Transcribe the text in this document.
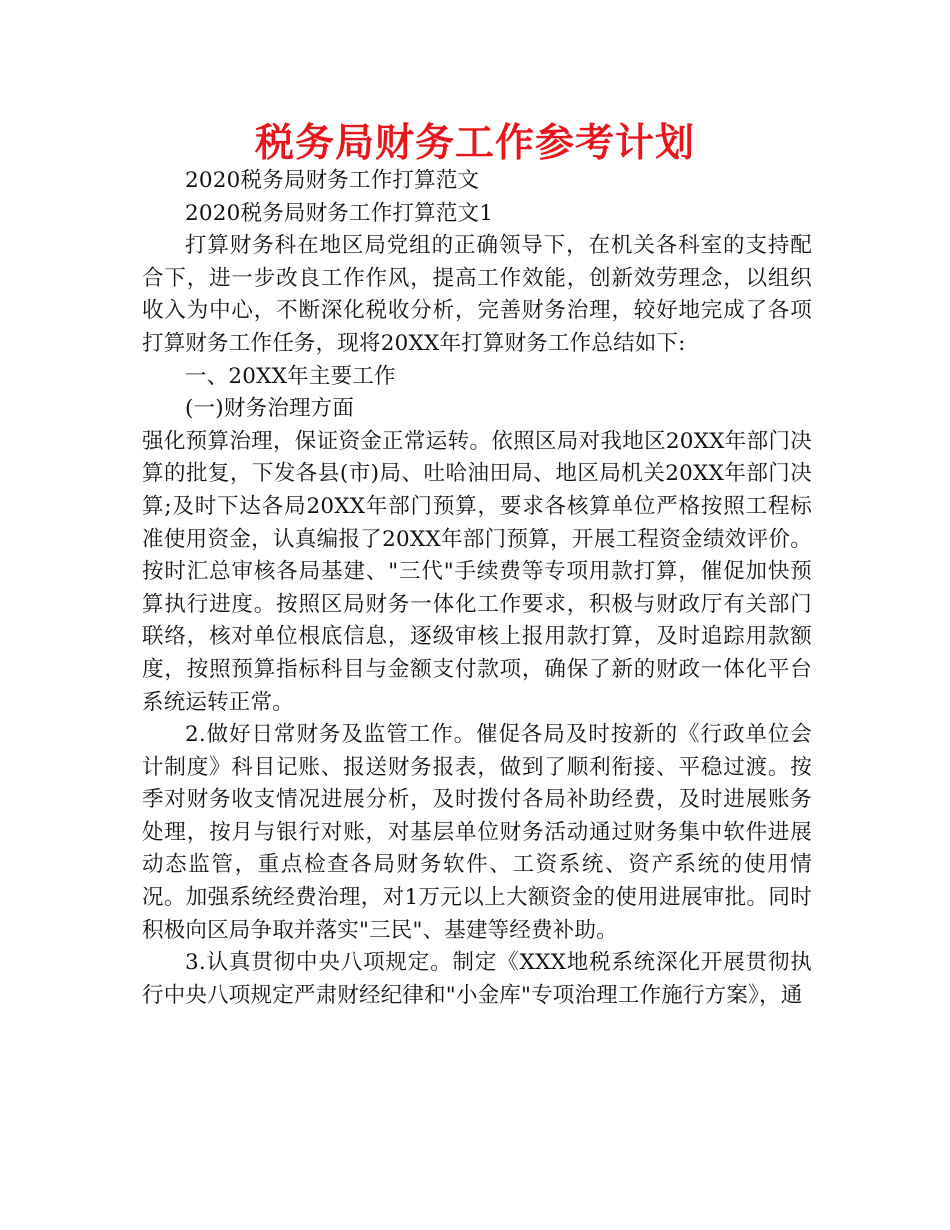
税务局财务工作参考计划

2020税务局财务工作打算范文

2020税务局财务工作打算范文1

打算财务科在地区局党组的正确领导下，在机关各科室的支持配合下，进一步改良工作作风，提高工作效能，创新效劳理念，以组织收入为中心，不断深化税收分析，完善财务治理，较好地完成了各项打算财务工作任务，现将20XX年打算财务工作总结如下:

一、20XX年主要工作

(一)财务治理方面

强化预算治理，保证资金正常运转。依照区局对我地区20XX年部门决算的批复，下发各县(市)局、吐哈油田局、地区局机关20XX年部门决算;及时下达各局20XX年部门预算，要求各核算单位严格按照工程标准使用资金，认真编报了20XX年部门预算，开展工程资金绩效评价。按时汇总审核各局基建、"三代"手续费等专项用款打算，催促加快预算执行进度。按照区局财务一体化工作要求，积极与财政厅有关部门联络，核对单位根底信息，逐级审核上报用款打算，及时追踪用款额度，按照预算指标科目与金额支付款项，确保了新的财政一体化平台系统运转正常。

2.做好日常财务及监管工作。催促各局及时按新的《行政单位会计制度》科目记账、报送财务报表，做到了顺利衔接、平稳过渡。按季对财务收支情况进展分析，及时拨付各局补助经费，及时进展账务处理，按月与银行对账，对基层单位财务活动通过财务集中软件进展动态监管，重点检查各局财务软件、工资系统、资产系统的使用情况。加强系统经费治理，对1万元以上大额资金的使用进展审批。同时积极向区局争取并落实"三民"、基建等经费补助。

3.认真贯彻中央八项规定。制定《XXX地税系统深化开展贯彻执行中央八项规定严肃财经纪律和"小金库"专项治理工作施行方案》，通
